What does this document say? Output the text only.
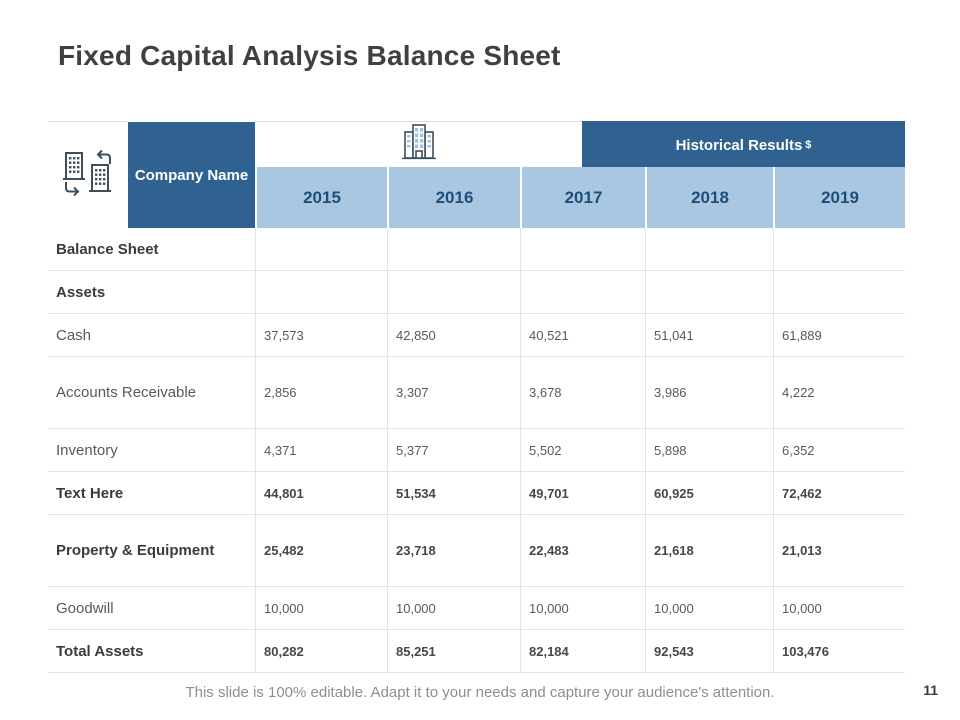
Fixed Capital Analysis Balance Sheet
Company Name
Historical Results $
2015	2016	2017	2018	2019
Balance Sheet
Assets
Cash	37,573	42,850	40,521	51,041	61,889
Accounts Receivable	2,856	3,307	3,678	3,986	4,222
Inventory	4,371	5,377	5,502	5,898	6,352
Text Here	44,801	51,534	49,701	60,925	72,462
Property & Equipment	25,482	23,718	22,483	21,618	21,013
Goodwill	10,000	10,000	10,000	10,000	10,000
Total Assets	80,282	85,251	82,184	92,543	103,476
This slide is 100% editable. Adapt it to your needs and capture your audience's attention.	11
